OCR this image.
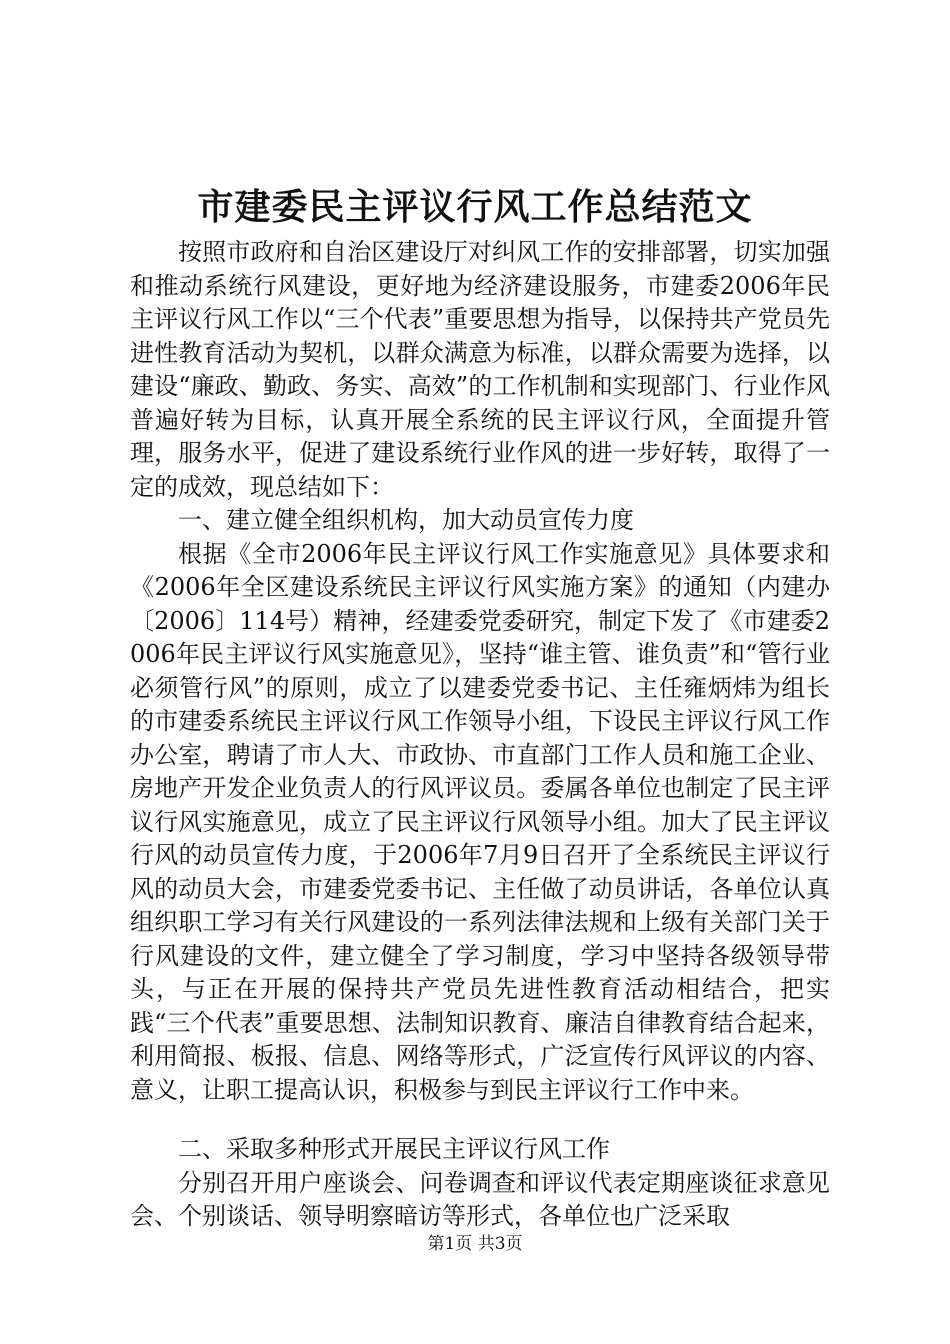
市建委民主评议行风工作总结范文

按照市政府和自治区建设厅对纠风工作的安排部署，切实加强和推动系统行风建设，更好地为经济建设服务，市建委2006年民主评议行风工作以“三个代表”重要思想为指导，以保持共产党员先进性教育活动为契机，以群众满意为标准，以群众需要为选择，以建设“廉政、勤政、务实、高效”的工作机制和实现部门、行业作风普遍好转为目标，认真开展全系统的民主评议行风，全面提升管理，服务水平，促进了建设系统行业作风的进一步好转，取得了一定的成效，现总结如下：

一、建立健全组织机构，加大动员宣传力度

根据《全市2006年民主评议行风工作实施意见》具体要求和《2006年全区建设系统民主评议行风实施方案》的通知（内建办〔2006〕114号）精神，经建委党委研究，制定下发了《市建委2006年民主评议行风实施意见》，坚持“谁主管、谁负责”和“管行业必须管行风”的原则，成立了以建委党委书记、主任雍炳炜为组长的市建委系统民主评议行风工作领导小组，下设民主评议行风工作办公室，聘请了市人大、市政协、市直部门工作人员和施工企业、房地产开发企业负责人的行风评议员。委属各单位也制定了民主评议行风实施意见，成立了民主评议行风领导小组。加大了民主评议行风的动员宣传力度，于2006年7月9日召开了全系统民主评议行风的动员大会，市建委党委书记、主任做了动员讲话，各单位认真组织职工学习有关行风建设的一系列法律法规和上级有关部门关于行风建设的文件，建立健全了学习制度，学习中坚持各级领导带头，与正在开展的保持共产党员先进性教育活动相结合，把实践“三个代表”重要思想、法制知识教育、廉洁自律教育结合起来，利用简报、板报、信息、网络等形式，广泛宣传行风评议的内容、意义，让职工提高认识，积极参与到民主评议行工作中来。

二、采取多种形式开展民主评议行风工作

分别召开用户座谈会、问卷调查和评议代表定期座谈征求意见会、个别谈话、领导明察暗访等形式，各单位也广泛采取

第1页 共3页
